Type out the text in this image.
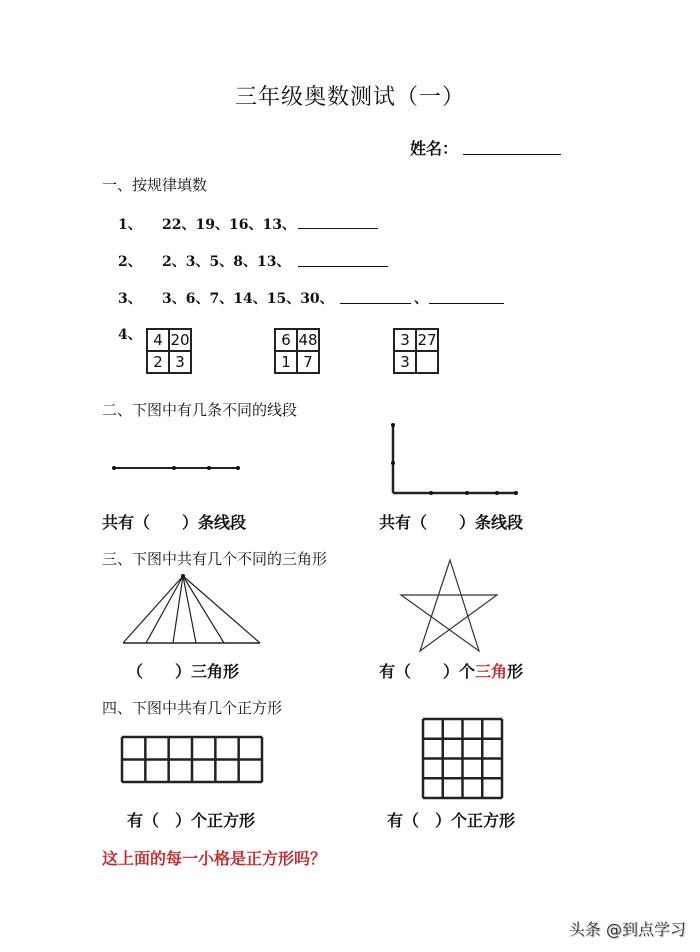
三年级奥数测试（一）
姓名：
一、按规律填数
1、 22、19、16、13、
2、 2、3、5、8、13、
3、 3、6、7、14、15、30、	、
4、 4	20
2	3
6	48
1	7
3	27
3	
二、下图中有几条不同的线段
共有（　　）条线段	共有（　　）条线段
三、下图中共有几个不同的三角形
（　　）三角形	有（　　）个三角形
四、下图中共有几个正方形
有（　）个正方形	有（　）个正方形
这上面的每一小格是正方形吗？
头条 @到点学习
